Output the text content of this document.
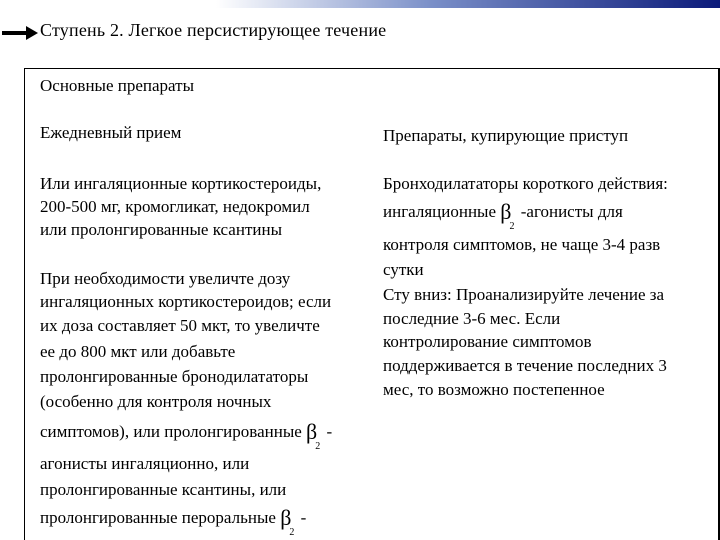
Ступень 2. Легкое персистирующее течение
Основные препараты
Ежедневный прием	Препараты, купирующие приступ
Или ингаляционные кортикостероиды,
200-500 мг, кромогликат, недокромил
или пролонгированные ксантины
При необходимости увеличте дозу
ингаляционных кортикостероидов; если
их доза составляет 50 мкт, то увеличте
ее до 800 мкт или добавьте
пролонгированные бронодилататоры
(особенно для контроля ночных
симптомов), или пролонгированные $\beta_2$ -
агонисты ингаляционно, или
пролонгированные ксантины, или
пролонгированные пероральные $\beta_2$ -
Бронходилататоры короткого действия:
ингаляционные $\beta_2$ -агонисты для
контроля симптомов, не чаще 3-4 разв
сутки
Сту вниз: Проанализируйте лечение за
последние 3-6 мес. Если
контролирование симптомов
поддерживается в течение последних 3
мес, то возможно постепенное
